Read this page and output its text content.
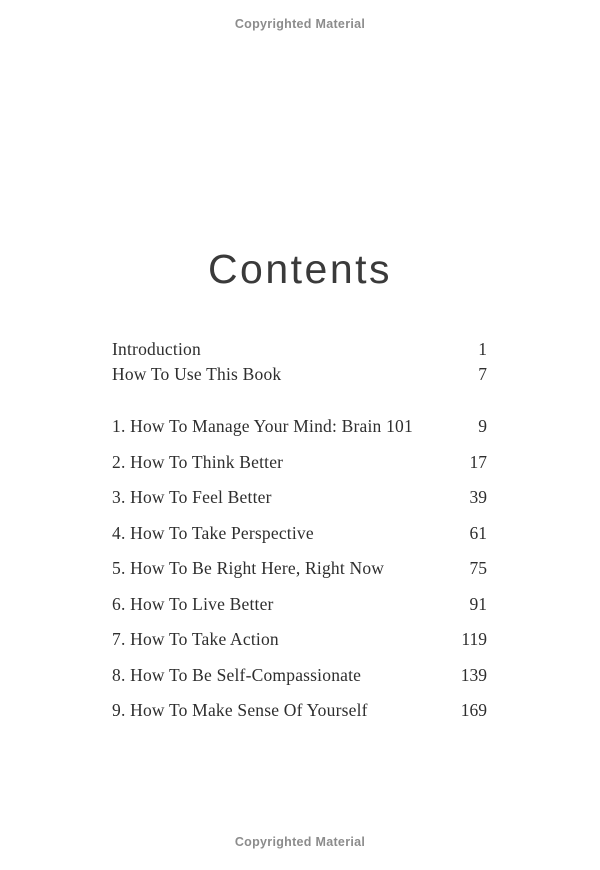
Copyrighted Material
Contents
Introduction	1
How To Use This Book	7
1. How To Manage Your Mind: Brain 101	9
2. How To Think Better	17
3. How To Feel Better	39
4. How To Take Perspective	61
5. How To Be Right Here, Right Now	75
6. How To Live Better	91
7. How To Take Action	119
8. How To Be Self-Compassionate	139
9. How To Make Sense Of Yourself	169
Copyrighted Material
